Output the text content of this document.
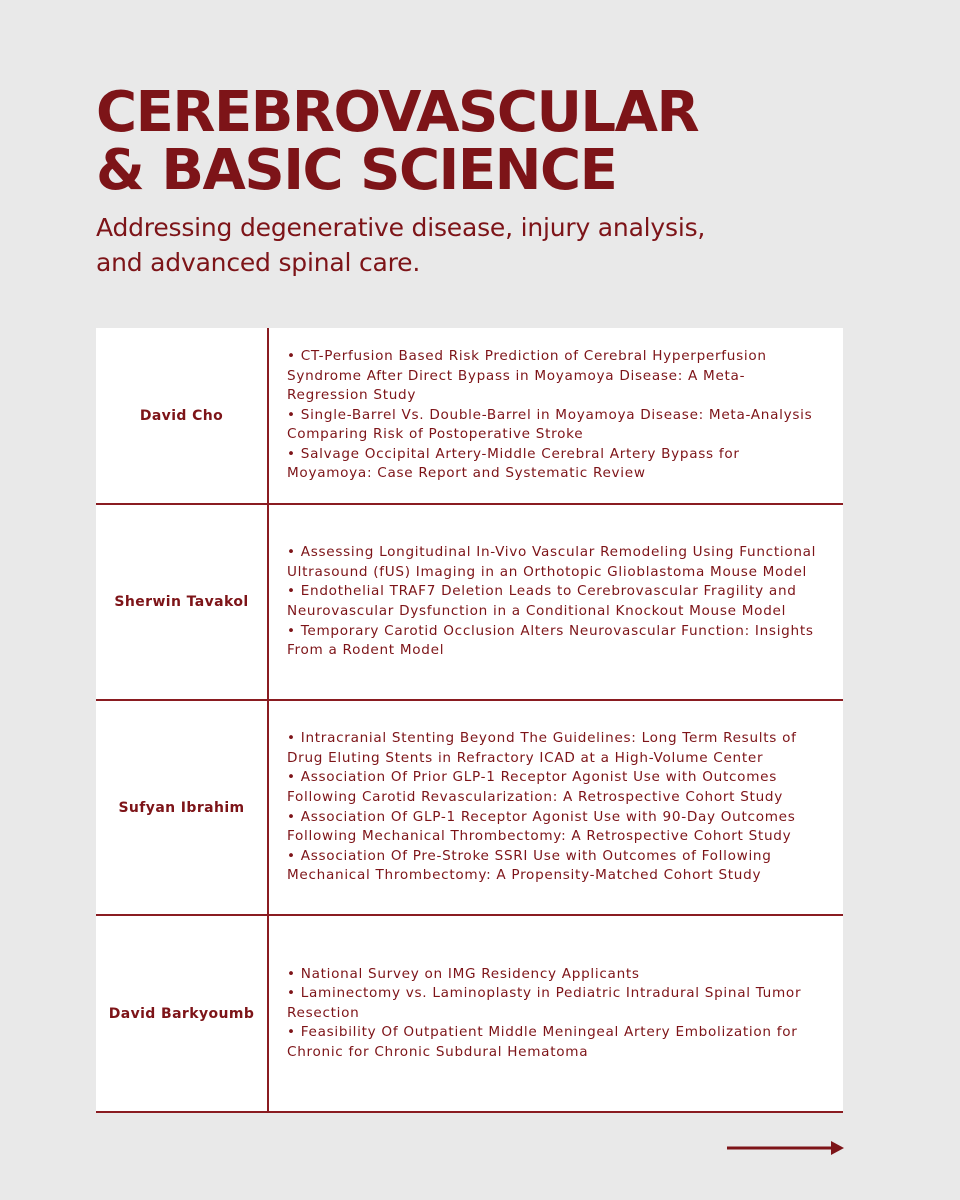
CEREBROVASCULAR
& BASIC SCIENCE

Addressing degenerative disease, injury analysis,
and advanced spinal care.

David Cho
• CT-Perfusion Based Risk Prediction of Cerebral Hyperperfusion Syndrome After Direct Bypass in Moyamoya Disease: A Meta-Regression Study
• Single-Barrel Vs. Double-Barrel in Moyamoya Disease: Meta-Analysis Comparing Risk of Postoperative Stroke
• Salvage Occipital Artery-Middle Cerebral Artery Bypass for Moyamoya: Case Report and Systematic Review
Sherwin Tavakol
• Assessing Longitudinal In-Vivo Vascular Remodeling Using Functional Ultrasound (fUS) Imaging in an Orthotopic Glioblastoma Mouse Model
• Endothelial TRAF7 Deletion Leads to Cerebrovascular Fragility and Neurovascular Dysfunction in a Conditional Knockout Mouse Model
• Temporary Carotid Occlusion Alters Neurovascular Function: Insights From a Rodent Model
Sufyan Ibrahim
• Intracranial Stenting Beyond The Guidelines: Long Term Results of Drug Eluting Stents in Refractory ICAD at a High-Volume Center
• Association Of Prior GLP-1 Receptor Agonist Use with Outcomes Following Carotid Revascularization: A Retrospective Cohort Study
• Association Of GLP-1 Receptor Agonist Use with 90-Day Outcomes Following Mechanical Thrombectomy: A Retrospective Cohort Study
• Association Of Pre-Stroke SSRI Use with Outcomes of Following Mechanical Thrombectomy: A Propensity-Matched Cohort Study
David Barkyoumb
• National Survey on IMG Residency Applicants
• Laminectomy vs. Laminoplasty in Pediatric Intradural Spinal Tumor Resection
• Feasibility Of Outpatient Middle Meningeal Artery Embolization for Chronic for Chronic Subdural Hematoma
